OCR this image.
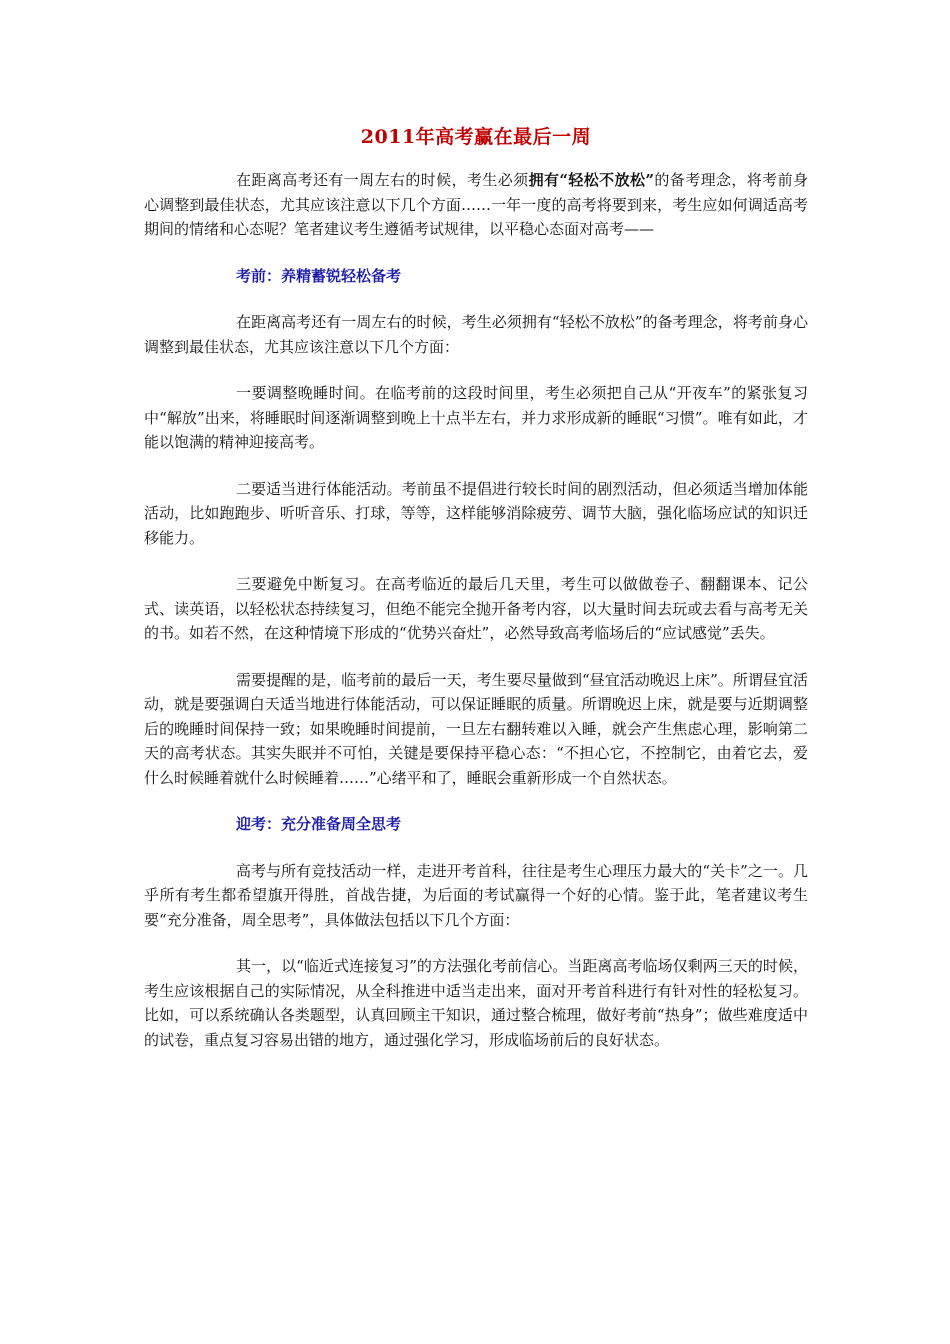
2011年高考赢在最后一周

在距离高考还有一周左右的时候，考生必须拥有“轻松不放松”的备考理念，将考前身心调整到最佳状态，尤其应该注意以下几个方面……一年一度的高考将要到来，考生应如何调适高考期间的情绪和心态呢？笔者建议考生遵循考试规律，以平稳心态面对高考——

考前：养精蓄锐轻松备考

在距离高考还有一周左右的时候，考生必须拥有“轻松不放松”的备考理念，将考前身心调整到最佳状态，尤其应该注意以下几个方面：

一要调整晚睡时间。在临考前的这段时间里，考生必须把自己从“开夜车”的紧张复习中“解放”出来，将睡眠时间逐渐调整到晚上十点半左右，并力求形成新的睡眠“习惯”。唯有如此，才能以饱满的精神迎接高考。

二要适当进行体能活动。考前虽不提倡进行较长时间的剧烈活动，但必须适当增加体能活动，比如跑跑步、听听音乐、打球，等等，这样能够消除疲劳、调节大脑，强化临场应试的知识迁移能力。

三要避免中断复习。在高考临近的最后几天里，考生可以做做卷子、翻翻课本、记公式、读英语，以轻松状态持续复习，但绝不能完全抛开备考内容，以大量时间去玩或去看与高考无关的书。如若不然，在这种情境下形成的“优势兴奋灶”，必然导致高考临场后的“应试感觉”丢失。

需要提醒的是，临考前的最后一天，考生要尽量做到“昼宜活动晚迟上床”。所谓昼宜活动，就是要强调白天适当地进行体能活动，可以保证睡眠的质量。所谓晚迟上床，就是要与近期调整后的晚睡时间保持一致；如果晚睡时间提前，一旦左右翻转难以入睡，就会产生焦虑心理，影响第二天的高考状态。其实失眠并不可怕，关键是要保持平稳心态：“不担心它，不控制它，由着它去，爱什么时候睡着就什么时候睡着……”心绪平和了，睡眠会重新形成一个自然状态。

迎考：充分准备周全思考

高考与所有竞技活动一样，走进开考首科，往往是考生心理压力最大的“关卡”之一。几乎所有考生都希望旗开得胜，首战告捷，为后面的考试赢得一个好的心情。鉴于此，笔者建议考生要“充分准备，周全思考”，具体做法包括以下几个方面：

其一，以“临近式连接复习”的方法强化考前信心。当距离高考临场仅剩两三天的时候，考生应该根据自己的实际情况，从全科推进中适当走出来，面对开考首科进行有针对性的轻松复习。比如，可以系统确认各类题型，认真回顾主干知识，通过整合梳理，做好考前“热身”；做些难度适中的试卷，重点复习容易出错的地方，通过强化学习，形成临场前后的良好状态。
